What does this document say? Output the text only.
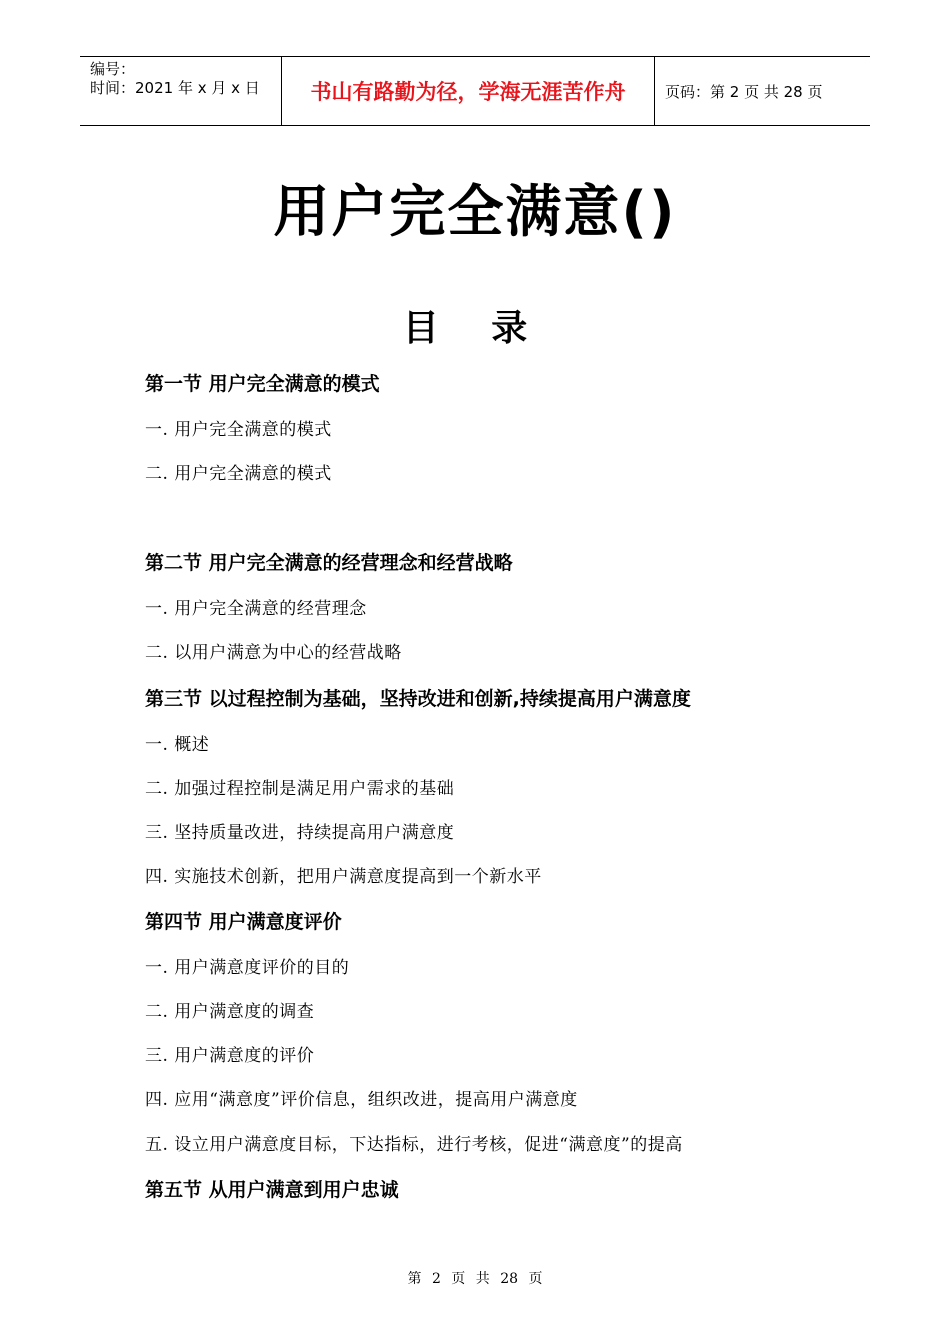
编号：
时间：2021 年 x 月 x 日	书山有路勤为径，学海无涯苦作舟	页码：第 2 页 共 28 页
用户完全满意()
目 录
第一节 用户完全满意的模式
一. 用户完全满意的模式
二. 用户完全满意的模式
第二节 用户完全满意的经营理念和经营战略
一. 用户完全满意的经营理念
二. 以用户满意为中心的经营战略
第三节 以过程控制为基础，坚持改进和创新,持续提高用户满意度
一. 概述
二. 加强过程控制是满足用户需求的基础
三. 坚持质量改进，持续提高用户满意度
四. 实施技术创新，把用户满意度提高到一个新水平
第四节 用户满意度评价
一. 用户满意度评价的目的
二. 用户满意度的调查
三. 用户满意度的评价
四. 应用“满意度”评价信息，组织改进，提高用户满意度
五. 设立用户满意度目标，下达指标，进行考核，促进“满意度”的提高
第五节 从用户满意到用户忠诚
第 2 页 共 28 页
